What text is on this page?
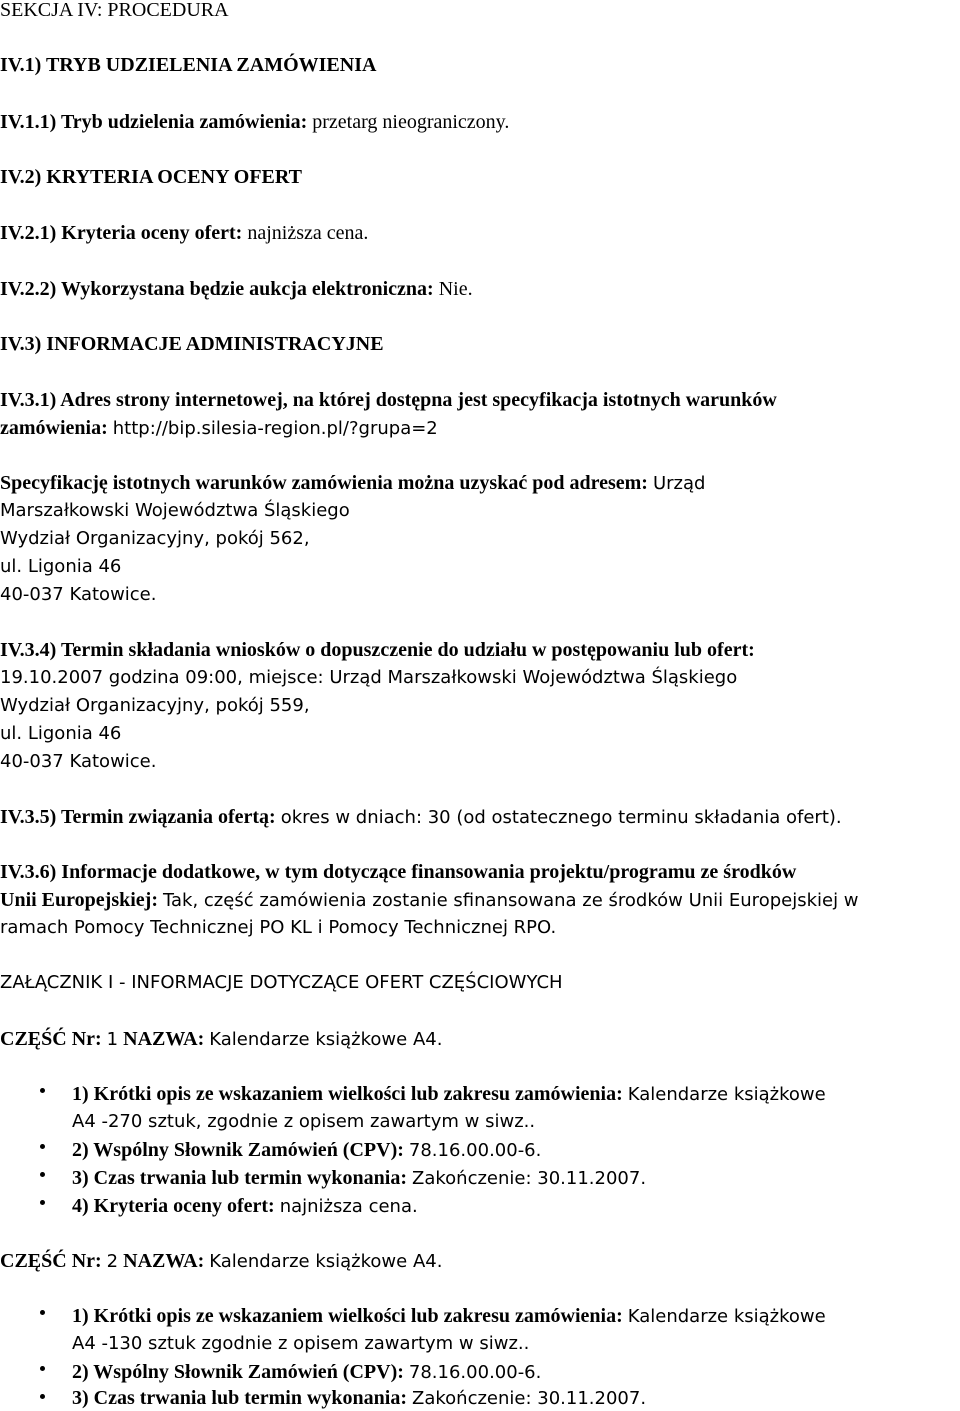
SEKCJA IV: PROCEDURA
IV.1) TRYB UDZIELENIA ZAMÓWIENIA
IV.1.1) Tryb udzielenia zamówienia: przetarg nieograniczony.
IV.2) KRYTERIA OCENY OFERT
IV.2.1) Kryteria oceny ofert: najniższa cena.
IV.2.2) Wykorzystana będzie aukcja elektroniczna: Nie.
IV.3) INFORMACJE ADMINISTRACYJNE
IV.3.1) Adres strony internetowej, na której dostępna jest specyfikacja istotnych warunków
zamówienia: http://bip.silesia-region.pl/?grupa=2
Specyfikację istotnych warunków zamówienia można uzyskać pod adresem: Urząd
Marszałkowski Województwa Śląskiego
Wydział Organizacyjny, pokój 562,
ul. Ligonia 46
40-037 Katowice.
IV.3.4) Termin składania wniosków o dopuszczenie do udziału w postępowaniu lub ofert:
19.10.2007 godzina 09:00, miejsce: Urząd Marszałkowski Województwa Śląskiego
Wydział Organizacyjny, pokój 559,
ul. Ligonia 46
40-037 Katowice.
IV.3.5) Termin związania ofertą: okres w dniach: 30 (od ostatecznego terminu składania ofert).
IV.3.6) Informacje dodatkowe, w tym dotyczące finansowania projektu/programu ze środków
Unii Europejskiej: Tak, część zamówienia zostanie sfinansowana ze środków Unii Europejskiej w
ramach Pomocy Technicznej PO KL i Pomocy Technicznej RPO.
ZAŁĄCZNIK I - INFORMACJE DOTYCZĄCE OFERT CZĘŚCIOWYCH
CZĘŚĆ Nr: 1 NAZWA: Kalendarze książkowe A4.
1) Krótki opis ze wskazaniem wielkości lub zakresu zamówienia: Kalendarze książkowe
A4 -270 sztuk, zgodnie z opisem zawartym w siwz..
2) Wspólny Słownik Zamówień (CPV): 78.16.00.00-6.
3) Czas trwania lub termin wykonania: Zakończenie: 30.11.2007.
4) Kryteria oceny ofert: najniższa cena.
CZĘŚĆ Nr: 2 NAZWA: Kalendarze książkowe A4.
1) Krótki opis ze wskazaniem wielkości lub zakresu zamówienia: Kalendarze książkowe
A4 -130 sztuk zgodnie z opisem zawartym w siwz..
2) Wspólny Słownik Zamówień (CPV): 78.16.00.00-6.
3) Czas trwania lub termin wykonania: Zakończenie: 30.11.2007.
